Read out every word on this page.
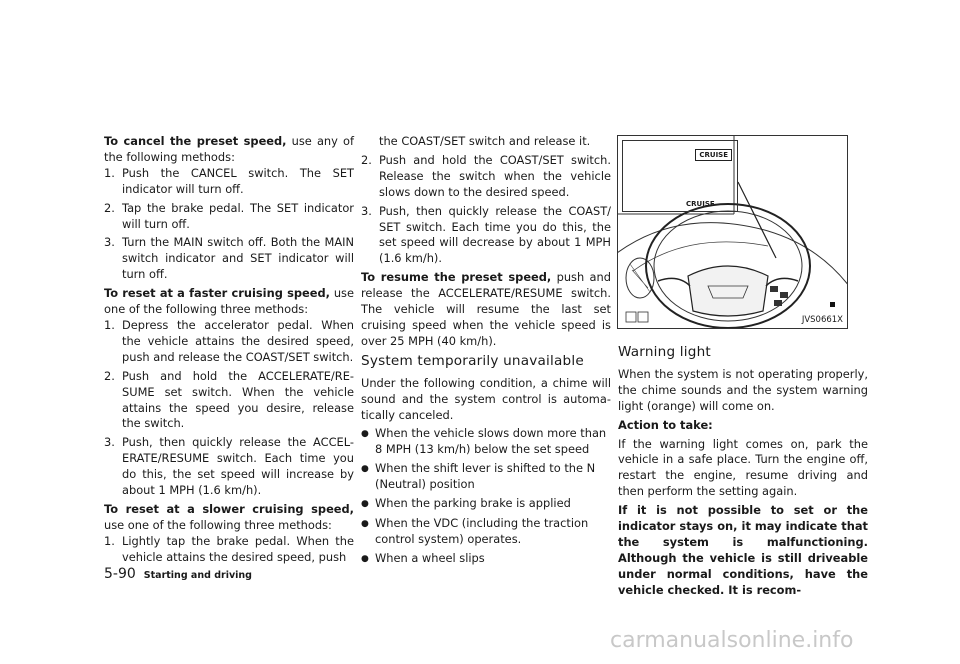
To cancel the preset speed, use any of the following methods:

1. Push the CANCEL switch. The SET indicator will turn off.
2. Tap the brake pedal. The SET indicator will turn off.
3. Turn the MAIN switch off. Both the MAIN switch indicator and SET indicator will turn off.

To reset at a faster cruising speed, use one of the following three methods:

1. Depress the accelerator pedal. When the vehicle attains the desired speed, push and release the COAST/SET switch.
2. Push and hold the ACCELERATE/RE-SUME set switch. When the vehicle attains the speed you desire, release the switch.
3. Push, then quickly release the ACCEL-ERATE/RESUME switch. Each time you do this, the set speed will increase by about 1 MPH (1.6 km/h).

To reset at a slower cruising speed, use one of the following three methods:

1. Lightly tap the brake pedal. When the vehicle attains the desired speed, push
the COAST/SET switch and release it.
2. Push and hold the COAST/SET switch. Release the switch when the vehicle slows down to the desired speed.
3. Push, then quickly release the COAST/ SET switch. Each time you do this, the set speed will decrease by about 1 MPH (1.6 km/h).

To resume the preset speed, push and release the ACCELERATE/RESUME switch. The vehicle will resume the last set cruising speed when the vehicle speed is over 25 MPH (40 km/h).

System temporarily unavailable

Under the following condition, a chime will sound and the system control is automa-tically canceled.

● When the vehicle slows down more than 8 MPH (13 km/h) below the set speed
● When the shift lever is shifted to the N (Neutral) position
● When the parking brake is applied
● When the VDC (including the traction control system) operates.
● When a wheel slips
CRUISE
CRUISE
JVS0661X
Warning light

When the system is not operating properly, the chime sounds and the system warning light (orange) will come on.

Action to take:

If the warning light comes on, park the vehicle in a safe place. Turn the engine off, restart the engine, resume driving and then perform the setting again.

If it is not possible to set or the indicator stays on, it may indicate that the system is malfunctioning. Although the vehicle is still driveable under normal conditions, have the vehicle checked. It is recom-

5-90 Starting and driving
carmanualsonline.info
